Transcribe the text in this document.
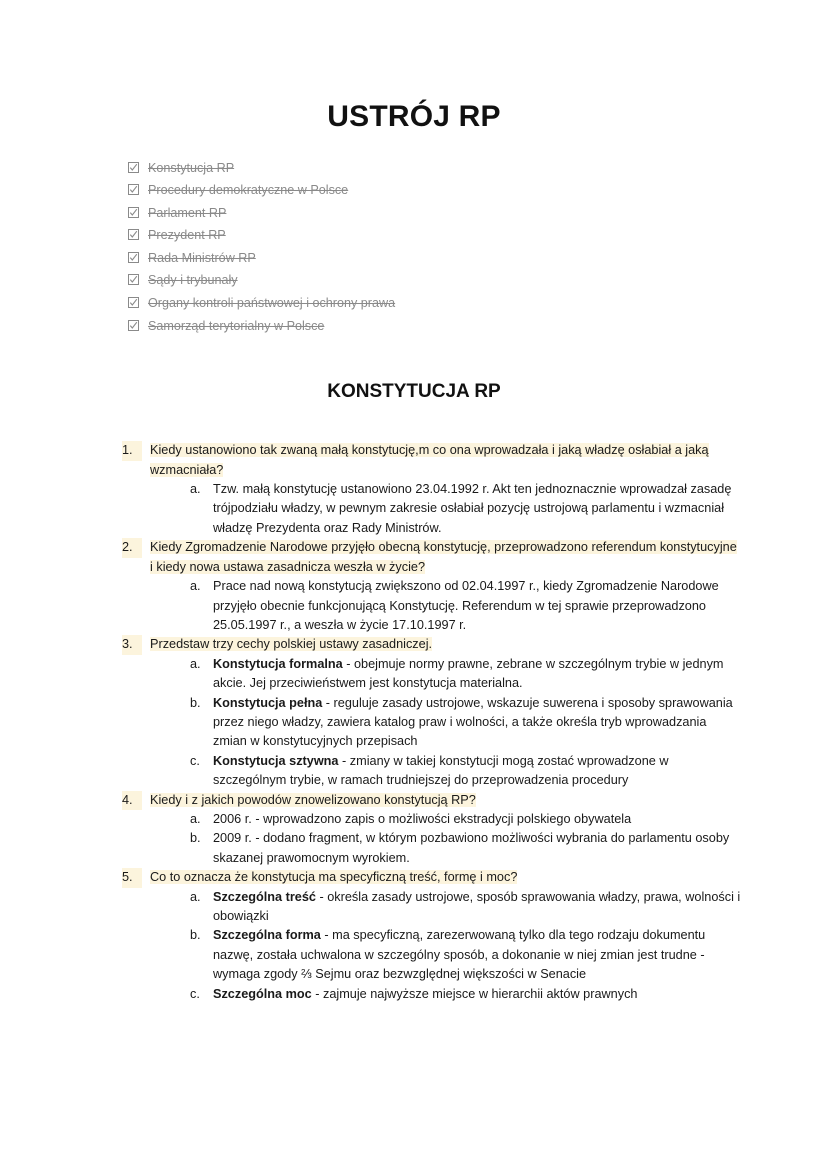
USTRÓJ RP
Konstytucja RP
Procedury demokratyczne w Polsce
Parlament RP
Prezydent RP
Rada Ministrów RP
Sądy i trybunały
Organy kontroli państwowej i ochrony prawa
Samorząd terytorialny w Polsce
KONSTYTUCJA RP
1.	Kiedy ustanowiono tak zwaną małą konstytucję,m co ona wprowadzała i jaką władzę osłabiał a jaką wzmacniała?
a. Tzw. małą konstytucję ustanowiono 23.04.1992 r. Akt ten jednoznacznie wprowadzał zasadę trójpodziału władzy, w pewnym zakresie osłabiał pozycję ustrojową parlamentu i wzmacniał władzę Prezydenta oraz Rady Ministrów.
2.	Kiedy Zgromadzenie Narodowe przyjęło obecną konstytucję, przeprowadzono referendum konstytucyjne i kiedy nowa ustawa zasadnicza weszła w życie?
a. Prace nad nową konstytucją zwiększono od 02.04.1997 r., kiedy Zgromadzenie Narodowe przyjęło obecnie funkcjonującą Konstytucję. Referendum w tej sprawie przeprowadzono 25.05.1997 r., a weszła w życie 17.10.1997 r.
3.	Przedstaw trzy cechy polskiej ustawy zasadniczej.
a. Konstytucja formalna - obejmuje normy prawne, zebrane w szczególnym trybie w jednym akcie. Jej przeciwieństwem jest konstytucja materialna.
b. Konstytucja pełna - reguluje zasady ustrojowe, wskazuje suwerena i sposoby sprawowania przez niego władzy, zawiera katalog praw i wolności, a także określa tryb wprowadzania zmian w konstytucyjnych przepisach
c.	Konstytucja sztywna - zmiany w takiej konstytucji mogą zostać wprowadzone w szczególnym trybie, w ramach trudniejszej do przeprowadzenia procedury
4.	Kiedy i z jakich powodów znowelizowano konstytucją RP?
a. 2006 r. - wprowadzono zapis o możliwości ekstradycji polskiego obywatela
b. 2009 r. - dodano fragment, w którym pozbawiono możliwości wybrania do parlamentu osoby skazanej prawomocnym wyrokiem.
5.	Co to oznacza że konstytucja ma specyficzną treść, formę i moc?
a. Szczególna treść - określa zasady ustrojowe, sposób sprawowania władzy, prawa, wolności i obowiązki
b. Szczególna forma - ma specyficzną, zarezerwowaną tylko dla tego rodzaju dokumentu nazwę, została uchwalona w szczególny sposób, a dokonanie w niej zmian jest trudne - wymaga zgody ⅔ Sejmu oraz bezwzględnej większości w Senacie
c.	Szczególna moc - zajmuje najwyższe miejsce w hierarchii aktów prawnych
